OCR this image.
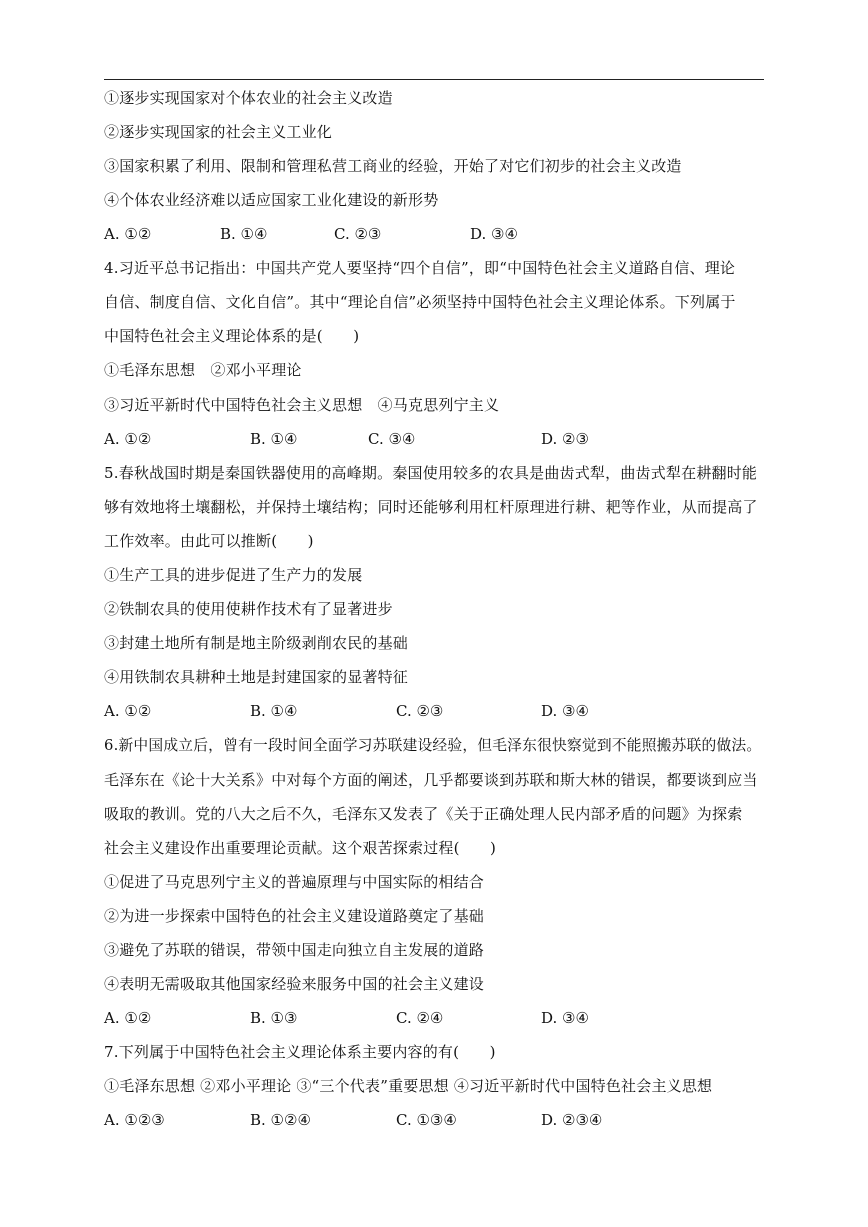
①逐步实现国家对个体农业的社会主义改造
②逐步实现国家的社会主义工业化
③国家积累了利用、限制和管理私营工商业的经验，开始了对它们初步的社会主义改造
④个体农业经济难以适应国家工业化建设的新形势
A. ①②	B. ①④	C. ②③	D. ③④
4.习近平总书记指出：中国共产党人要坚持“四个自信”，即“中国特色社会主义道路自信、理论
自信、制度自信、文化自信”。其中“理论自信”必须坚持中国特色社会主义理论体系。下列属于
中国特色社会主义理论体系的是(　　)
①毛泽东思想　②邓小平理论
③习近平新时代中国特色社会主义思想　④马克思列宁主义
A. ①②	B. ①④	C. ③④	D. ②③
5.春秋战国时期是秦国铁器使用的高峰期。秦国使用较多的农具是曲齿式犁，曲齿式犁在耕翻时能
够有效地将土壤翻松，并保持土壤结构；同时还能够利用杠杆原理进行耕、耙等作业，从而提高了
工作效率。由此可以推断(　　)
①生产工具的进步促进了生产力的发展
②铁制农具的使用使耕作技术有了显著进步
③封建土地所有制是地主阶级剥削农民的基础
④用铁制农具耕种土地是封建国家的显著特征
A. ①②	B. ①④	C. ②③	D. ③④
6.新中国成立后，曾有一段时间全面学习苏联建设经验，但毛泽东很快察觉到不能照搬苏联的做法。
毛泽东在《论十大关系》中对每个方面的阐述，几乎都要谈到苏联和斯大林的错误，都要谈到应当
吸取的教训。党的八大之后不久，毛泽东又发表了《关于正确处理人民内部矛盾的问题》为探索
社会主义建设作出重要理论贡献。这个艰苦探索过程(　　)
①促进了马克思列宁主义的普遍原理与中国实际的相结合
②为进一步探索中国特色的社会主义建设道路奠定了基础
③避免了苏联的错误，带领中国走向独立自主发展的道路
④表明无需吸取其他国家经验来服务中国的社会主义建设
A. ①②	B. ①③	C. ②④	D. ③④
7.下列属于中国特色社会主义理论体系主要内容的有(　　)
①毛泽东思想 ②邓小平理论 ③“三个代表”重要思想 ④习近平新时代中国特色社会主义思想
A. ①②③	B. ①②④	C. ①③④	D. ②③④
